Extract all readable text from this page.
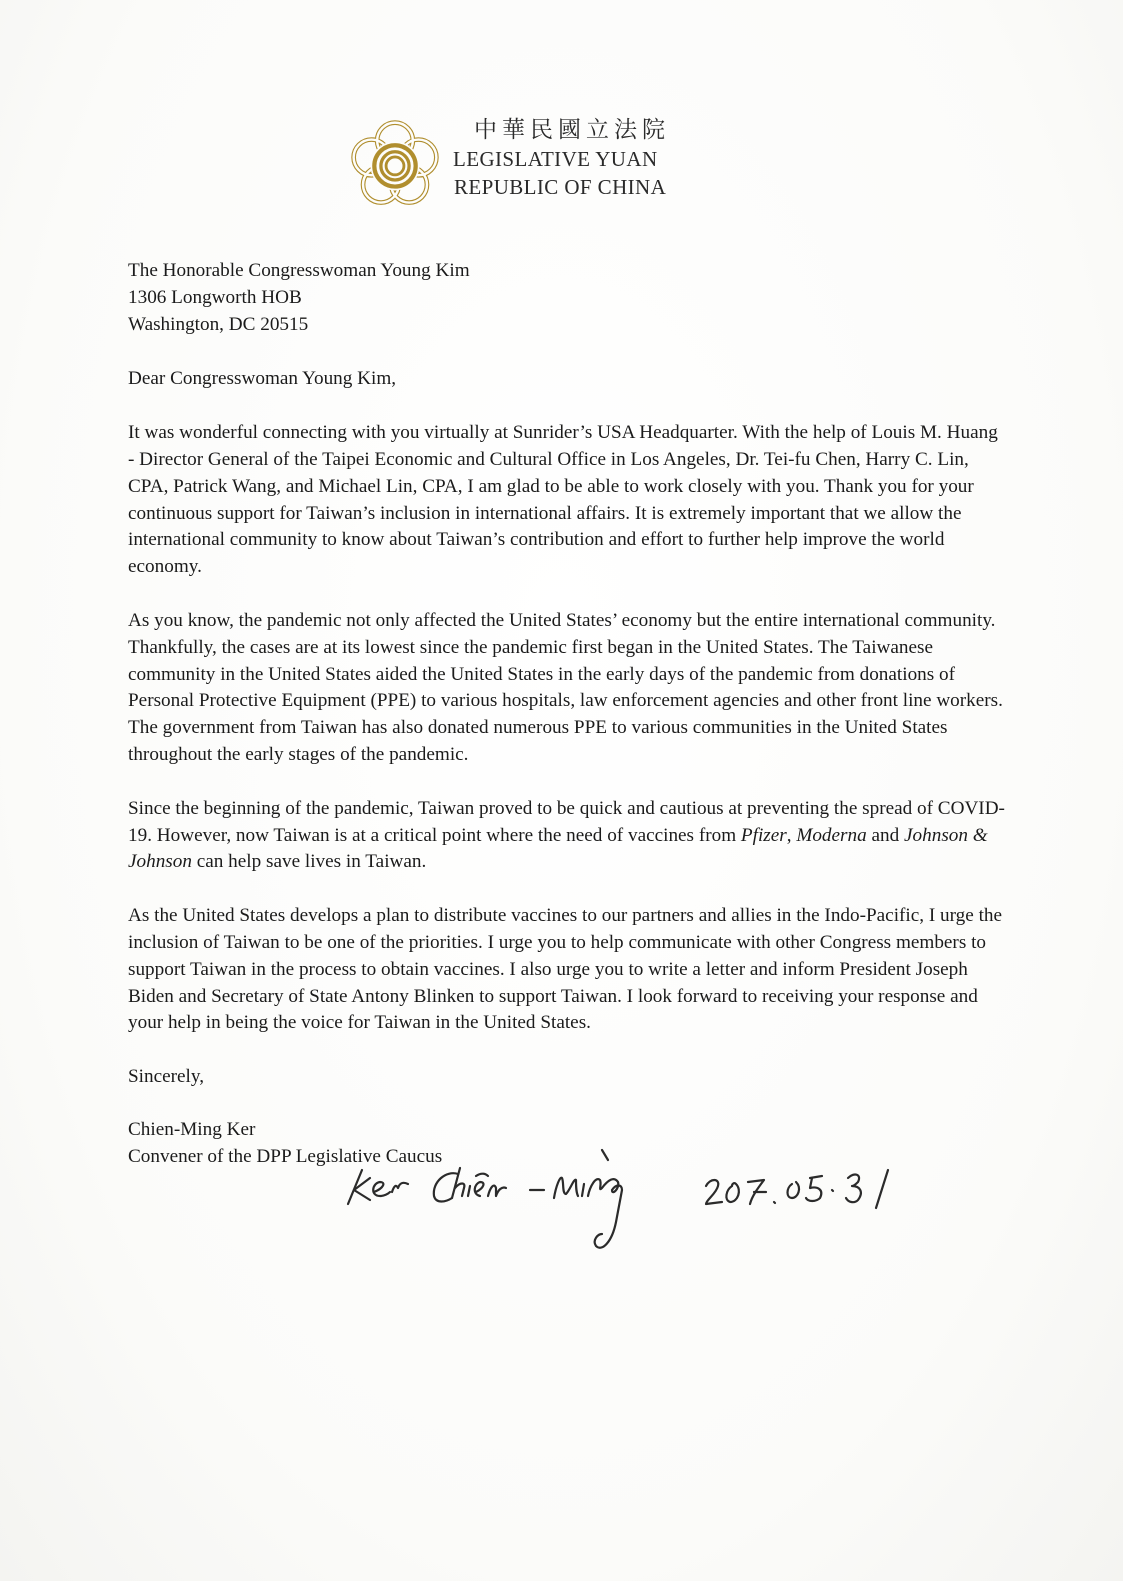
中華民國立法院
LEGISLATIVE YUAN
REPUBLIC OF CHINA

The Honorable Congresswoman Young Kim

1306 Longworth HOB

Washington, DC 20515

Dear Congresswoman Young Kim,

It was wonderful connecting with you virtually at Sunrider’s USA Headquarter. With the help of Louis M. Huang - Director General of the Taipei Economic and Cultural Office in Los Angeles, Dr. Tei-fu Chen, Harry C. Lin, CPA, Patrick Wang, and Michael Lin, CPA, I am glad to be able to work closely with you. Thank you for your continuous support for Taiwan’s inclusion in international affairs. It is extremely important that we allow the international community to know about Taiwan’s contribution and effort to further help improve the world economy.

As you know, the pandemic not only affected the United States’ economy but the entire international community. Thankfully, the cases are at its lowest since the pandemic first began in the United States. The Taiwanese community in the United States aided the United States in the early days of the pandemic from donations of Personal Protective Equipment (PPE) to various hospitals, law enforcement agencies and other front line workers. The government from Taiwan has also donated numerous PPE to various communities in the United States throughout the early stages of the pandemic.

Since the beginning of the pandemic, Taiwan proved to be quick and cautious at preventing the spread of COVID-19. However, now Taiwan is at a critical point where the need of vaccines from Pfizer, Moderna and Johnson & Johnson can help save lives in Taiwan.

As the United States develops a plan to distribute vaccines to our partners and allies in the Indo-Pacific, I urge the inclusion of Taiwan to be one of the priorities. I urge you to help communicate with other Congress members to support Taiwan in the process to obtain vaccines. I also urge you to write a letter and inform President Joseph Biden and Secretary of State Antony Blinken to support Taiwan. I look forward to receiving your response and your help in being the voice for Taiwan in the United States.

Sincerely,

Chien-Ming Ker

Convener of the DPP Legislative Caucus
